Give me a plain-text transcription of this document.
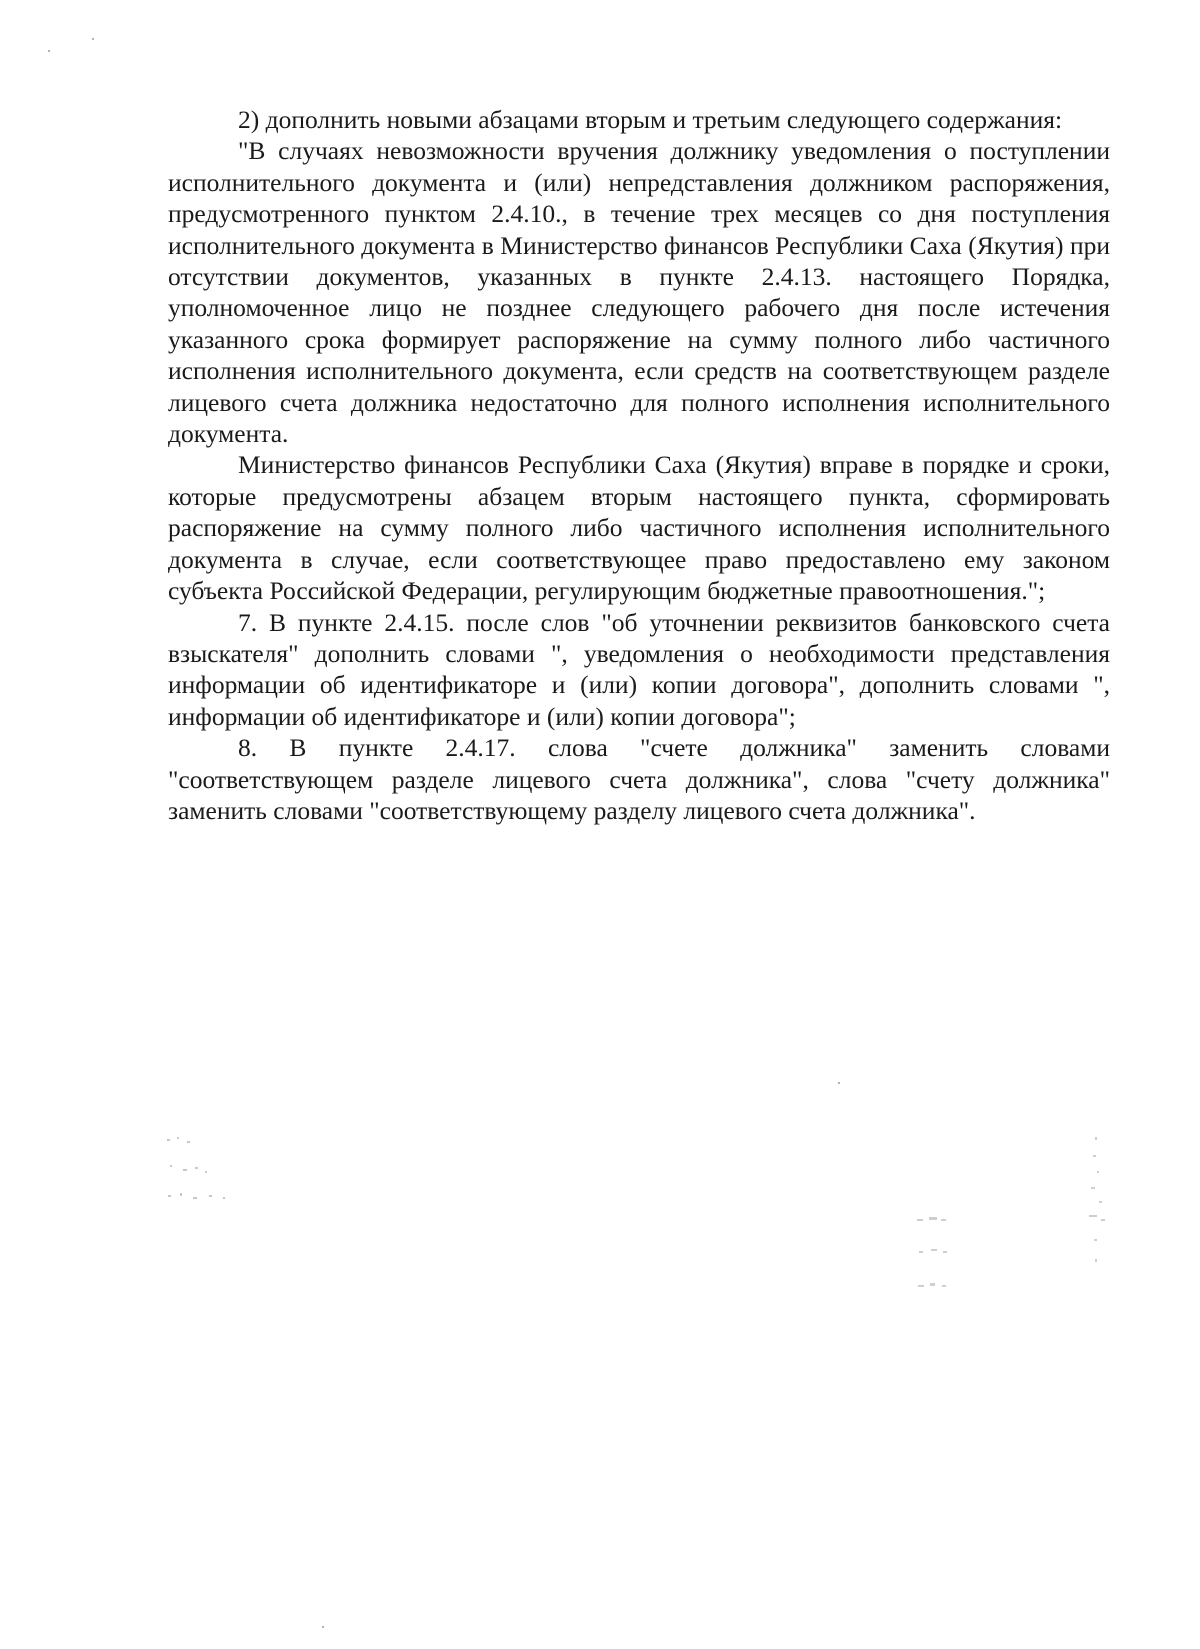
2) дополнить новыми абзацами вторым и третьим следующего содержания:

"В случаях невозможности вручения должнику уведомления о поступлении исполнительного документа и (или) непредставления должником распоряжения, предусмотренного пунктом 2.4.10., в течение трех месяцев со дня поступления исполнительного документа в Министерство финансов Республики Саха (Якутия) при отсутствии документов, указанных в пункте 2.4.13. настоящего Порядка, уполномоченное лицо не позднее следующего рабочего дня после истечения указанного срока формирует распоряжение на сумму полного либо частичного исполнения исполнительного документа, если средств на соответствующем разделе лицевого счета должника недостаточно для полного исполнения исполнительного документа.

Министерство финансов Республики Саха (Якутия) вправе в порядке и сроки, которые предусмотрены абзацем вторым настоящего пункта, сформировать распоряжение на сумму полного либо частичного исполнения исполнительного документа в случае, если соответствующее право предоставлено ему законом субъекта Российской Федерации, регулирующим бюджетные правоотношения.";

7. В пункте 2.4.15. после слов "об уточнении реквизитов банковского счета взыскателя" дополнить словами ", уведомления о необходимости представления информации об идентификаторе и (или) копии договора", дополнить словами ", информации об идентификаторе и (или) копии договора";

8. В пункте 2.4.17. слова "счете должника" заменить словами "соответствующем разделе лицевого счета должника", слова "счету должника" заменить словами "соответствующему разделу лицевого счета должника".
